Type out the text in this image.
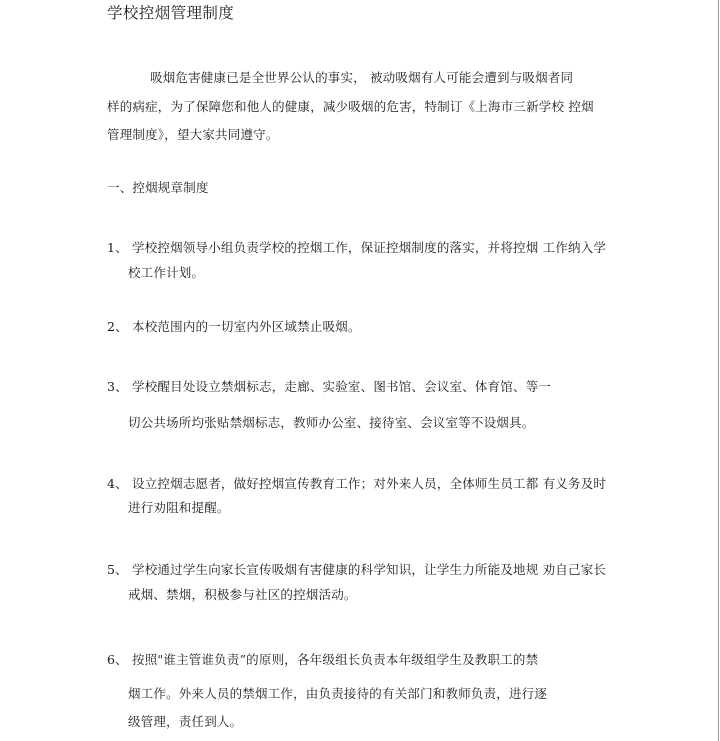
学校控烟管理制度
吸烟危害健康已是全世界公认的事实， 被动吸烟有人可能会遭到与吸烟者同
样的病症，为了保障您和他人的健康，减少吸烟的危害，特制订《上海市三新学校 控烟
管理制度》，望大家共同遵守。
一、控烟规章制度
1、 学校控烟领导小组负责学校的控烟工作，保证控烟制度的落实，并将控烟 工作纳入学
校工作计划。
2、 本校范围内的一切室内外区域禁止吸烟。
3、 学校醒目处设立禁烟标志，走廊、实验室、图书馆、会议室、体育馆、等一
切公共场所均张贴禁烟标志，教师办公室、接待室、会议室等不设烟具。
4、 设立控烟志愿者，做好控烟宣传教育工作；对外来人员，全体师生员工都 有义务及时
进行劝阻和提醒。
5、 学校通过学生向家长宣传吸烟有害健康的科学知识，让学生力所能及地规 劝自己家长
戒烟、禁烟，积极参与社区的控烟活动。
6、 按照"谁主管谁负责”的原则，各年级组长负责本年级组学生及教职工的禁
烟工作。外来人员的禁烟工作，由负责接待的有关部门和教师负责，进行逐
级管理，责任到人。
